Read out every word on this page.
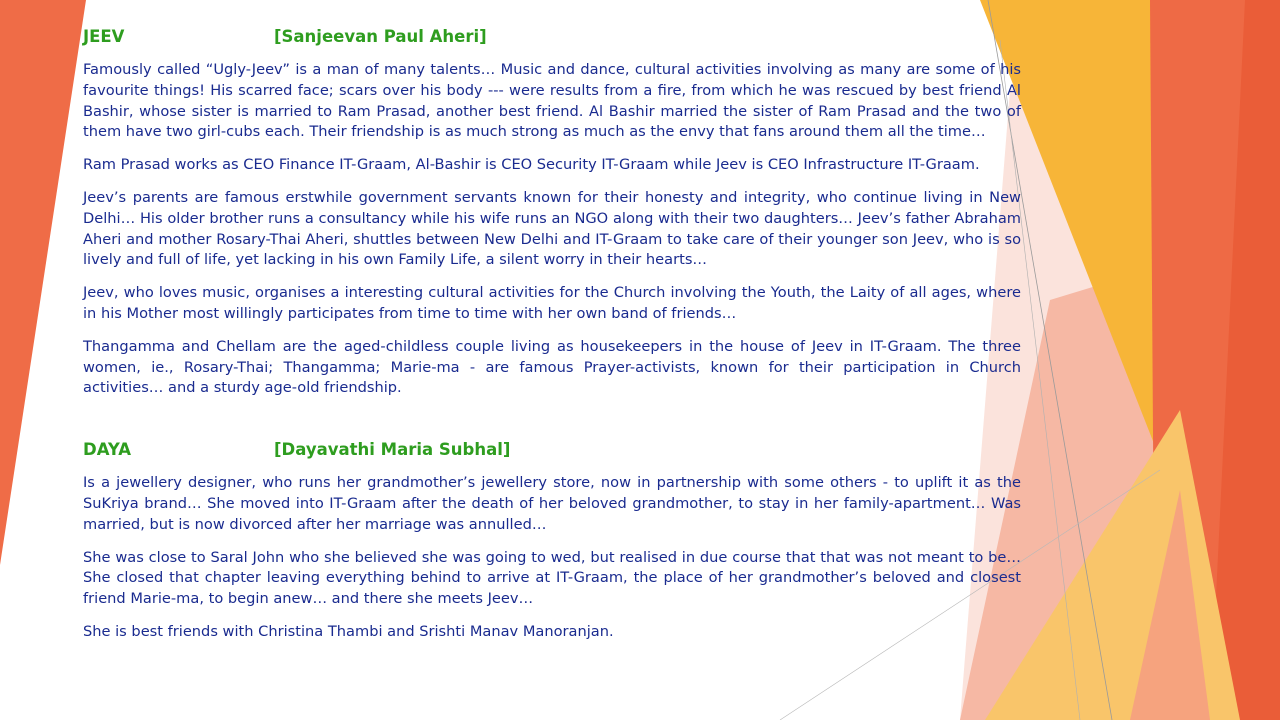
JEEV	[Sanjeevan Paul Aheri]

Famously called “Ugly-Jeev” is a man of many talents… Music and dance, cultural activities involving as many are some of his favourite things! His scarred face; scars over his body --- were results from a fire, from which he was rescued by best friend Al Bashir, whose sister is married to Ram Prasad, another best friend. Al Bashir married the sister of Ram Prasad and the two of them have two girl-cubs each. Their friendship is as much strong as much as the envy that fans around them all the time…

Ram Prasad works as CEO Finance IT-Graam, Al-Bashir is CEO Security IT-Graam while Jeev is CEO Infrastructure IT-Graam.

Jeev’s parents are famous erstwhile government servants known for their honesty and integrity, who continue living in New Delhi… His older brother runs a consultancy while his wife runs an NGO along with their two daughters… Jeev’s father Abraham Aheri and mother Rosary-Thai Aheri, shuttles between New Delhi and IT-Graam to take care of their younger son Jeev, who is so lively and full of life, yet lacking in his own Family Life, a silent worry in their hearts…

Jeev, who loves music, organises a interesting cultural activities for the Church involving the Youth, the Laity of all ages, where in his Mother most willingly participates from time to time with her own band of friends…

Thangamma and Chellam are the aged-childless couple living as housekeepers in the house of Jeev in IT-Graam. The three women, ie., Rosary-Thai; Thangamma; Marie-ma - are famous Prayer-activists, known for their participation in Church activities… and a sturdy age-old friendship.

DAYA	[Dayavathi Maria Subhal]

Is a jewellery designer, who runs her grandmother’s jewellery store, now in partnership with some others - to uplift it as the SuKriya brand… She moved into IT-Graam after the death of her beloved grandmother, to stay in her family-apartment… Was married, but is now divorced after her marriage was annulled…

She was close to Saral John who she believed she was going to wed, but realised in due course that that was not meant to be… She closed that chapter leaving everything behind to arrive at IT-Graam, the place of her grandmother’s beloved and closest friend Marie-ma, to begin anew… and there she meets Jeev…

She is best friends with Christina Thambi and Srishti Manav Manoranjan.
